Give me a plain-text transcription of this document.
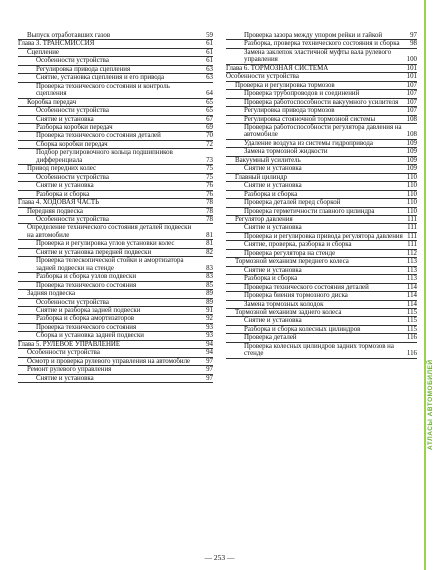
Выпуск отработавших газов	59
Глава 3. ТРАНСМИССИЯ	61
Сцепление	61
Особенности устройства	61
Регулировка привода сцепления	63
Снятие, установка сцепления и его привода	63
Проверка технического состояния и контроль сцепления	64
Коробка передач	65
Особенности устройства	65
Снятие и установка	67
Разборка коробки передач	69
Проверка технического состояния деталей	70
Сборка коробки передач	72
Подбор регулировочного кольца подшипников дифференциала	73
Привод передних колес	75
Особенности устройства	75
Снятие и установка	76
Разборка и сборка	76
Глава 4. ХОДОВАЯ ЧАСТЬ	78
Передняя подвеска	78
Особенности устройства	78
Определение технического состояния деталей подвески на автомобиле	81
Проверка и регулировка углов установки колес	81
Снятие и установка передней подвески	82
Проверка телескопической стойки и амортизатора задней подвески на стенде	83
Разборка и сборка узлов подвески	83
Проверка технического состояния	85
Задняя подвеска	89
Особенности устройства	89
Снятие и разборка задней подвески	91
Разборка и сборка амортизаторов	92
Проверка технического состояния	93
Сборка и установка задней подвески	93
Глава 5. РУЛЕВОЕ УПРАВЛЕНИЕ	94
Особенности устройства	94
Осмотр и проверка рулевого управления на автомобиле	97
Ремонт рулевого управления	97
Снятие и установка	97
Проверка зазора между упором рейки и гайкой	97
Разборка, проверка технического состояния и сборка	98
Замена заклепок эластичной муфты вала рулевого управления	100
Глава 6. ТОРМОЗНАЯ СИСТЕМА	101
Особенности устройства	101
Проверка и регулировка тормозов	107
Проверка трубопроводов и соединений	107
Проверка работоспособности вакуумного усилителя	107
Регулировка привода тормозов	107
Регулировка стояночной тормозной системы	108
Проверка работоспособности регулятора давления на автомобиле	108
Удаление воздуха из системы гидропривода	109
Замена тормозной жидкости	109
Вакуумный усилитель	109
Снятие и установка	109
Главный цилиндр	110
Снятие и установка	110
Разборка и сборка	110
Проверка деталей перед сборкой	110
Проверка герметичности главного цилиндра	110
Регулятор давления	111
Снятие и установка	111
Проверка и регулировка привода регулятора давления 111
Снятие, проверка, разборка и сборка	111
Проверка регулятора на стенде	112
Тормозной механизм переднего колеса	113
Снятие и установка	113
Разборка и сборка	113
Проверка технического состояния деталей	114
Проверка биения тормозного диска	114
Замена тормозных колодок	114
Тормозной механизм заднего колеса	115
Снятие и установка	115
Разборка и сборка колесных цилиндров	115
Проверка деталей	116
Проверка колесных цилиндров задних тормозов на стенде	116
АТЛАСЫ АВТОМОБИЛЕЙ
— 253 —
